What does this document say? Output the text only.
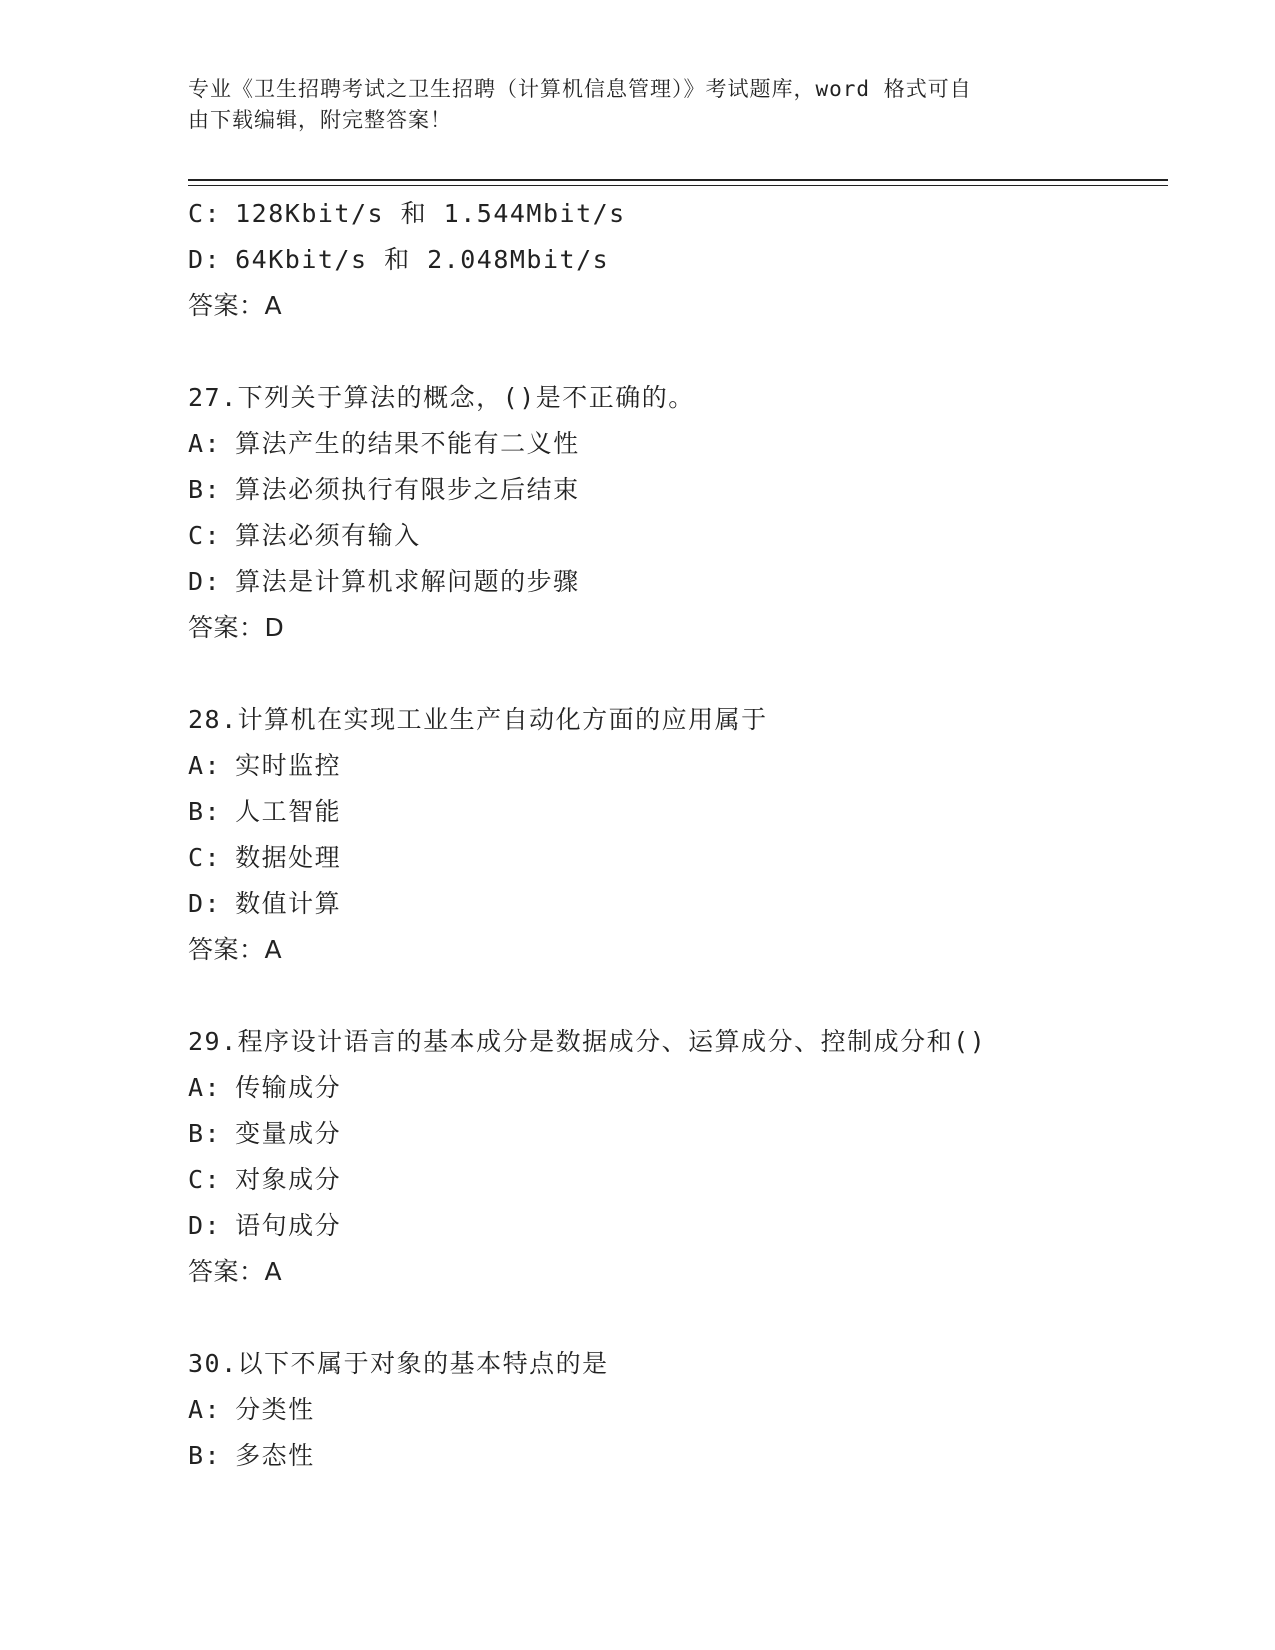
专业《卫生招聘考试之卫生招聘（计算机信息管理）》考试题库，word 格式可自
由下载编辑，附完整答案！
C: 128Kbit/s 和 1.544Mbit/s
D: 64Kbit/s 和 2.048Mbit/s
答案：A
27.下列关于算法的概念，()是不正确的。
A: 算法产生的结果不能有二义性
B: 算法必须执行有限步之后结束
C: 算法必须有输入
D: 算法是计算机求解问题的步骤
答案：D
28.计算机在实现工业生产自动化方面的应用属于
A: 实时监控
B: 人工智能
C: 数据处理
D: 数值计算
答案：A
29.程序设计语言的基本成分是数据成分、运算成分、控制成分和()
A: 传输成分
B: 变量成分
C: 对象成分
D: 语句成分
答案：A
30.以下不属于对象的基本特点的是
A: 分类性
B: 多态性
